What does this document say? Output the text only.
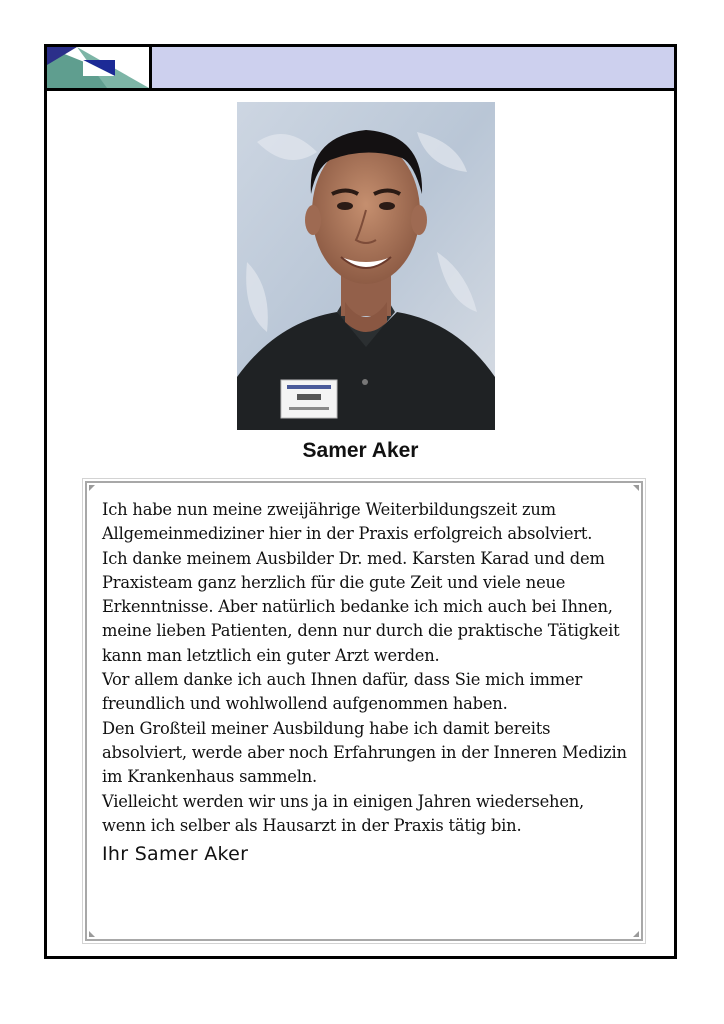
Samer Aker

Ich habe nun meine zweijährige Weiterbildungszeit zum Allgemeinmediziner hier in der Praxis erfolgreich absolviert.

Ich danke meinem Ausbilder Dr. med. Karsten Karad und dem Praxisteam ganz herzlich für die gute Zeit und viele neue Erkenntnisse. Aber natürlich bedanke ich mich auch bei Ihnen, meine lieben Patienten, denn nur durch die praktische Tätigkeit kann man letztlich ein guter Arzt werden.

Vor allem danke ich auch Ihnen dafür, dass Sie mich immer freundlich und wohlwollend aufgenommen haben.

Den Großteil meiner Ausbildung habe ich damit bereits absolviert, werde aber noch Erfahrungen in der Inneren Medizin im Krankenhaus sammeln.

Vielleicht werden wir uns ja in einigen Jahren wiedersehen, wenn ich selber als Hausarzt in der Praxis tätig bin.

Ihr Samer Aker
